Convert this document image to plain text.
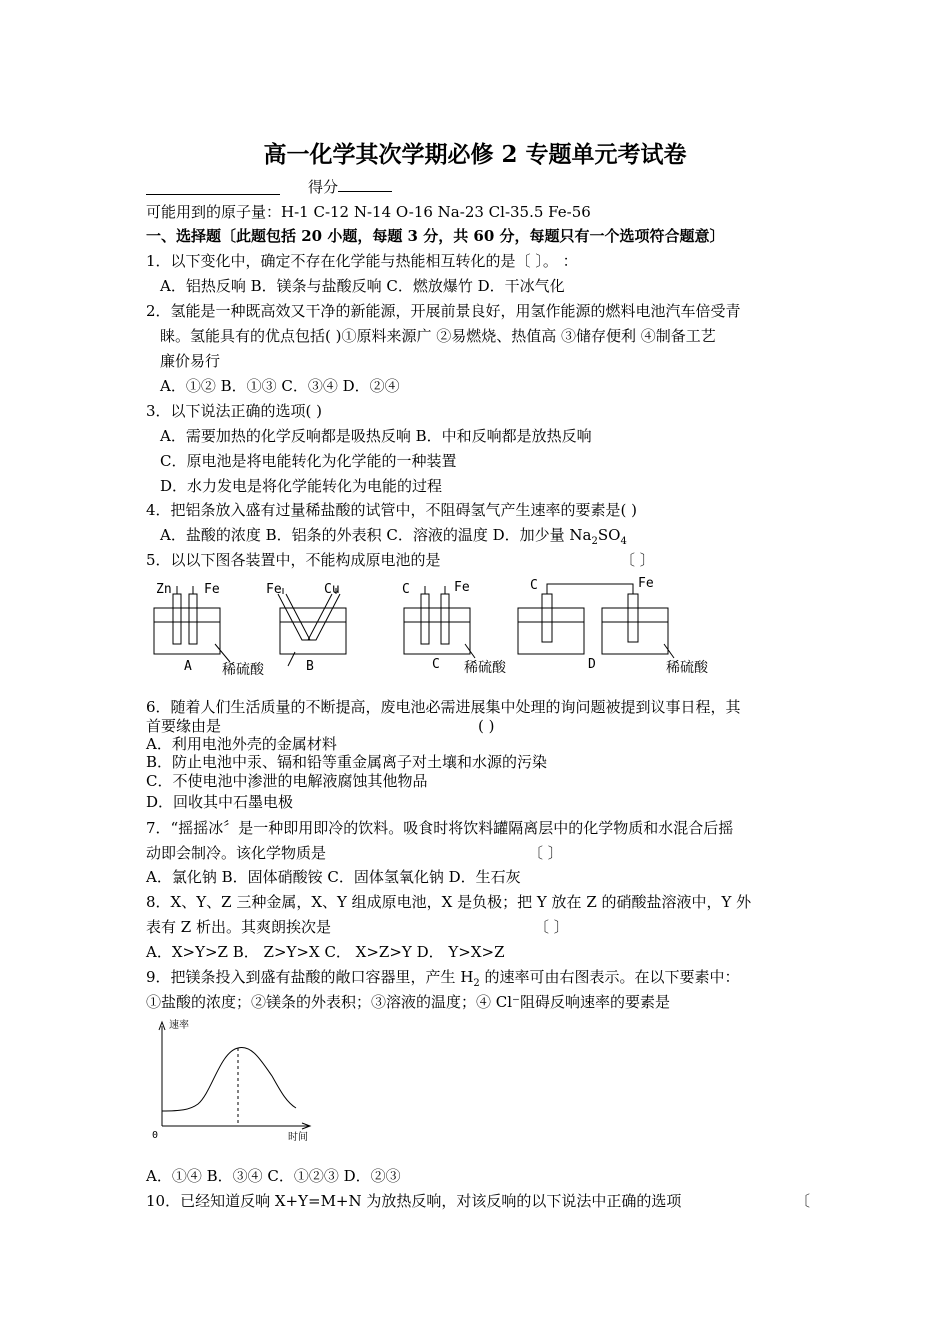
高一化学其次学期必修 2 专题单元考试卷
得分
可能用到的原子量：H-1 C-12 N-14 O-16 Na-23 Cl-35.5 Fe-56
一、选择题〔此题包括 20 小题，每题 3 分，共 60 分，每题只有一个选项符合题意〕
1．以下变化中，确定不存在化学能与热能相互转化的是〔 〕。 ：
A．铝热反响 B．镁条与盐酸反响 C．燃放爆竹 D．干冰气化
2．氢能是一种既高效又干净的新能源，开展前景良好，用氢作能源的燃料电池汽车倍受青
睐。氢能具有的优点包括( )①原料来源广 ②易燃烧、热值高 ③储存便利 ④制备工艺
廉价易行
A．①② B．①③ C．③④ D．②④
3．以下说法正确的选项( )
A．需要加热的化学反响都是吸热反响 B．中和反响都是放热反响
C．原电池是将电能转化为化学能的一种装置
D．水力发电是将化学能转化为电能的过程
4．把铝条放入盛有过量稀盐酸的试管中，不阻碍氢气产生速率的要素是( )
A．盐酸的浓度 B．铝条的外表积 C．溶液的温度 D．加少量 $Na_2SO_4$
5．以以下图各装置中，不能构成原电池的是	〔 〕
Zn Fe
A 稀硫酸
Fe	Cu
B
C	Fe
C 稀硫酸
C	Fe
D	稀硫酸
6．随着人们生活质量的不断提高，废电池必需进展集中处理的询问题被提到议事日程，其
首要缘由是	( )
A．利用电池外壳的金属材料
B．防止电池中汞、镉和铅等重金属离子对土壤和水源的污染
C．不使电池中渗泄的电解液腐蚀其他物品
D．回收其中石墨电极
7．“摇摇冰〞是一种即用即冷的饮料。吸食时将饮料罐隔离层中的化学物质和水混合后摇
动即会制冷。该化学物质是	〔 〕
A．氯化钠 B．固体硝酸铵 C．固体氢氧化钠 D．生石灰
8．X、Y、Z 三种金属，X、Y 组成原电池，X 是负极；把 Y 放在 Z 的硝酸盐溶液中，Y 外
表有 Z 析出。其爽朗挨次是	〔 〕
A．X>Y>Z B． Z>Y>X C． X>Z>Y D． Y>X>Z
9．把镁条投入到盛有盐酸的敞口容器里，产生 $H_2$ 的速率可由右图表示。在以下要素中：
①盐酸的浓度；②镁条的外表积；③溶液的温度；④ Cl⁻阻碍反响速率的要素是
速率
时间
0
A．①④ B．③④ C．①②③ D．②③
10．已经知道反响 X+Y=M+N 为放热反响，对该反响的以下说法中正确的选项	〔
